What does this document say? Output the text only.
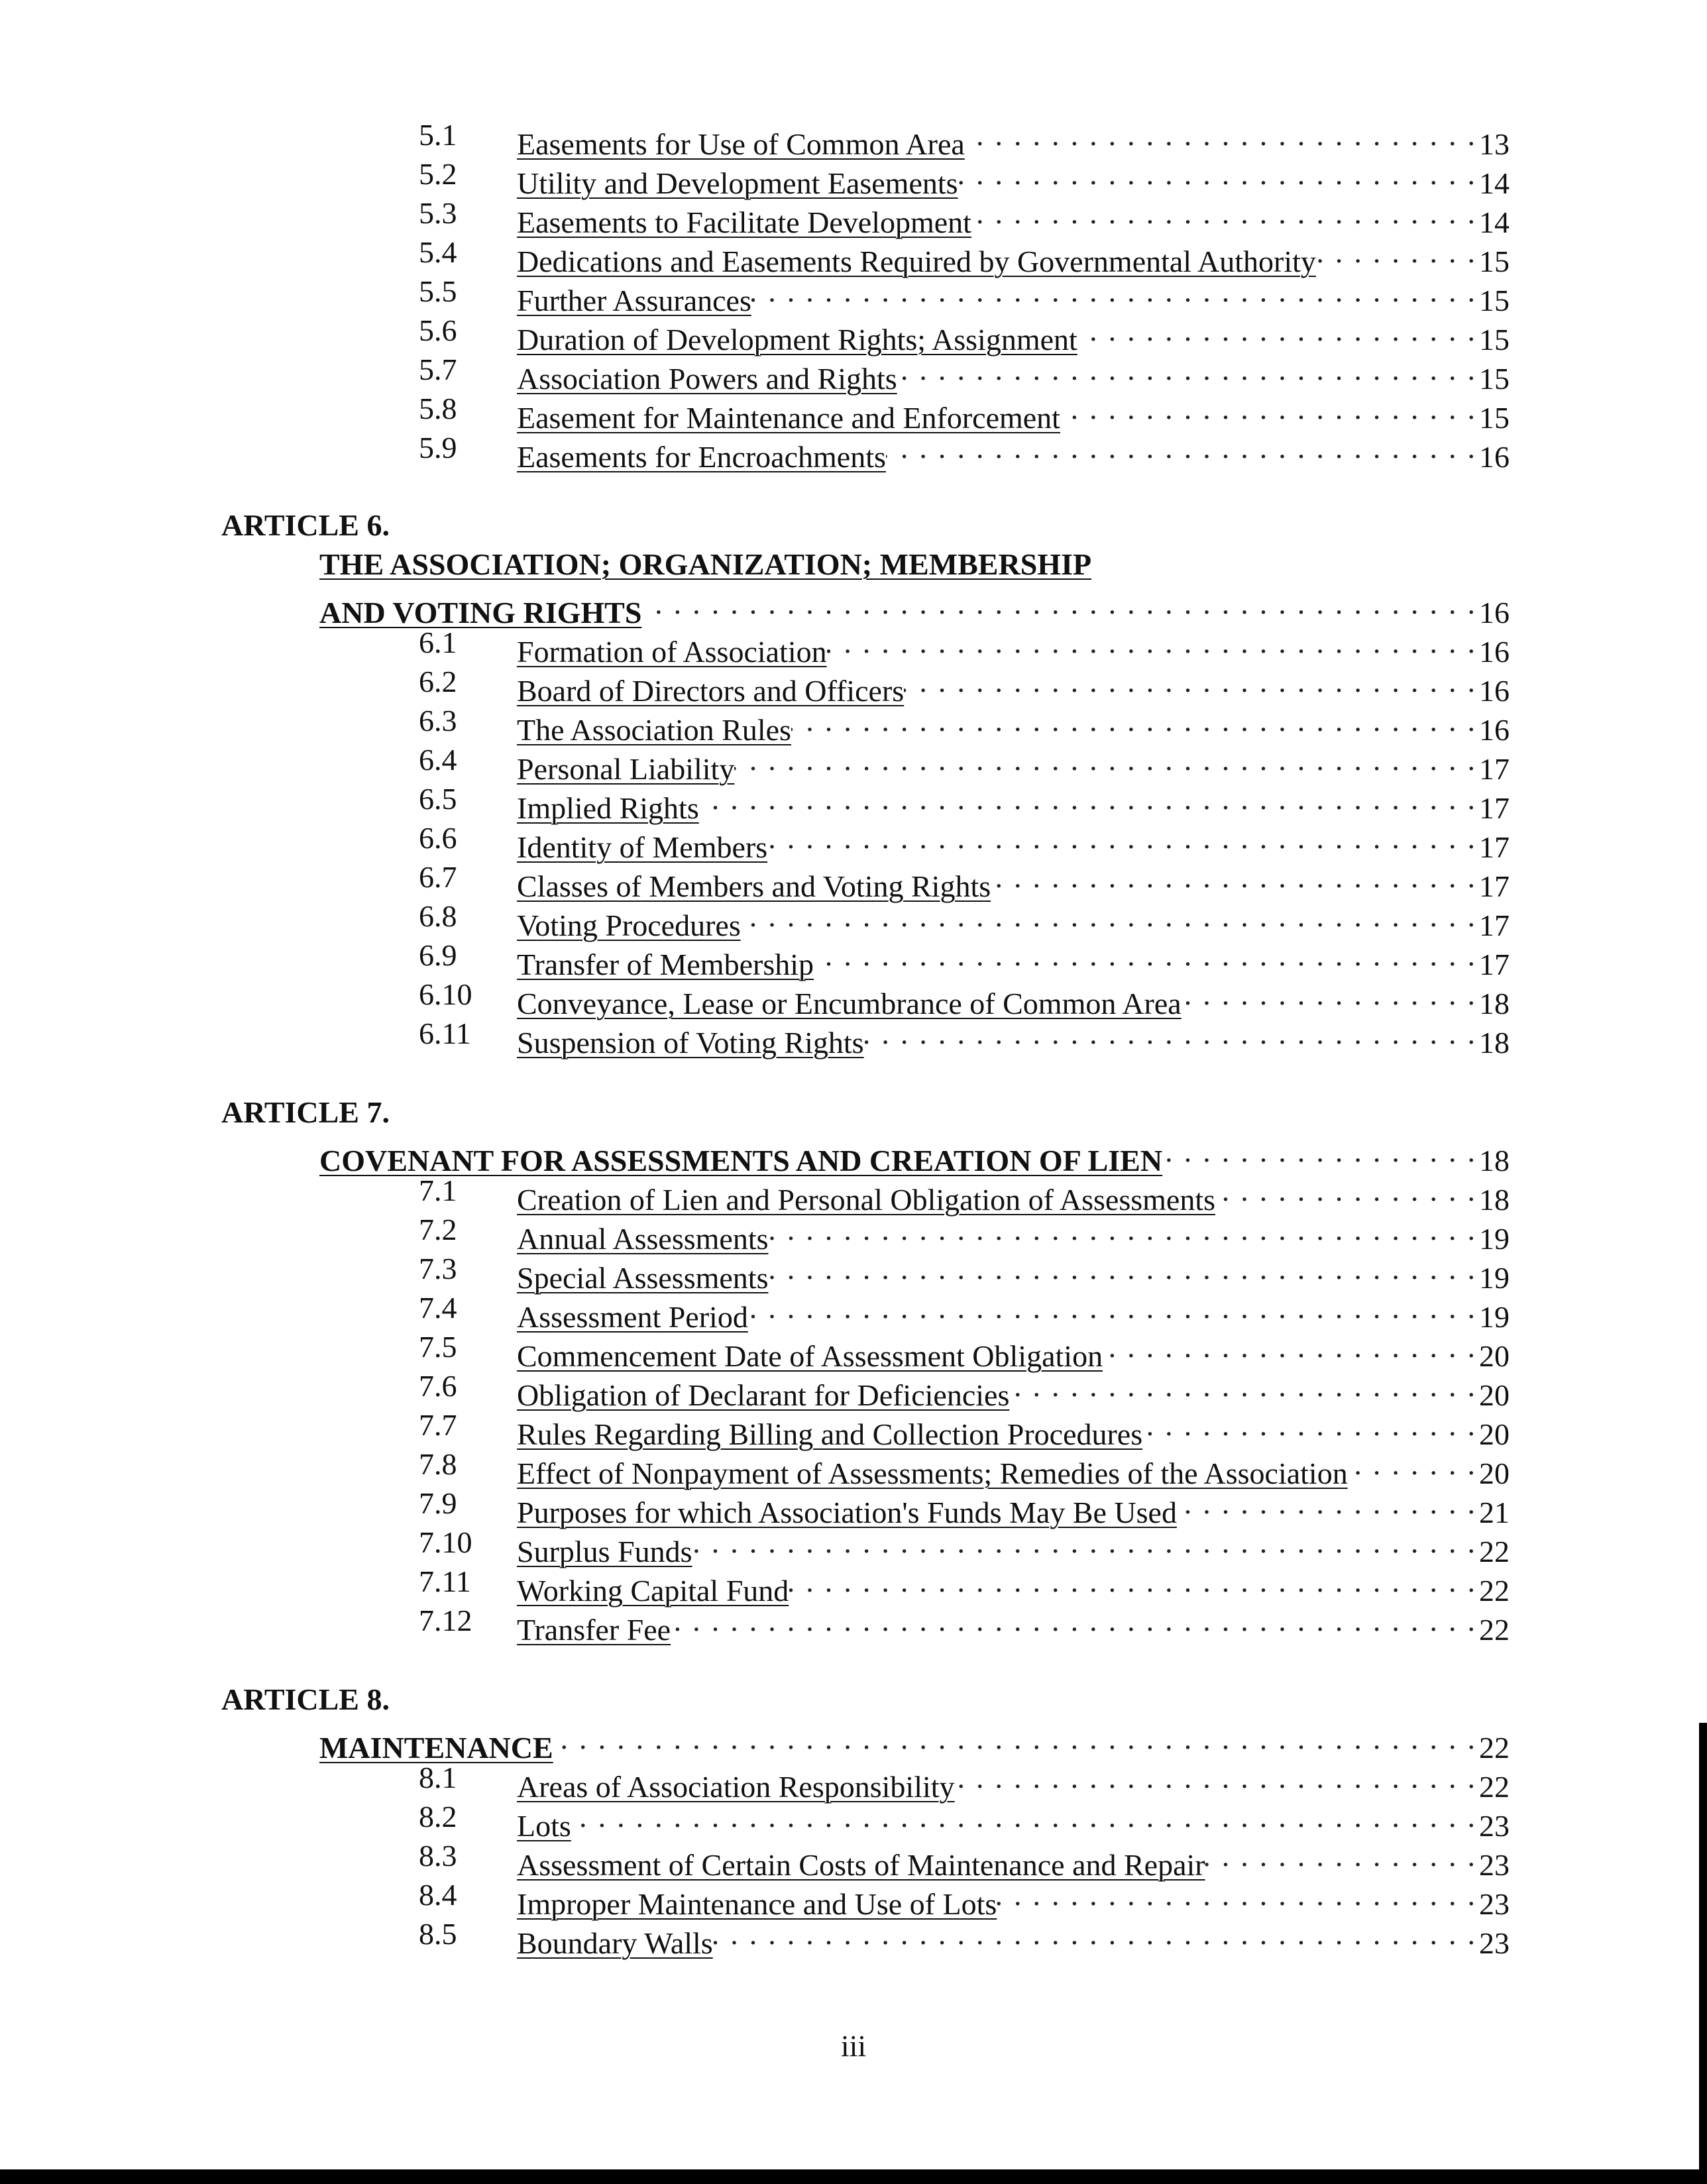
5.1 Easements for Use of Common Area . . .	13
5.2 Utility and Development Easements . . .	14
5.3 Easements to Facilitate Development . . .	14
5.4 Dedications and Easements Required by Governmental Authority . . .	15
5.5 Further Assurances . . .	15
5.6 Duration of Development Rights; Assignment . . .	15
5.7 Association Powers and Rights . . .	15
5.8 Easement for Maintenance and Enforcement . . .	15
5.9 Easements for Encroachments . . .	16
ARTICLE 6.
THE ASSOCIATION; ORGANIZATION; MEMBERSHIP
AND VOTING RIGHTS . . .	16
6.1 Formation of Association . . .	16
6.2 Board of Directors and Officers . . .	16
6.3 The Association Rules . . .	16
6.4 Personal Liability . . .	17
6.5 Implied Rights . . .	17
6.6 Identity of Members . . .	17
6.7 Classes of Members and Voting Rights . . .	17
6.8 Voting Procedures . . .	17
6.9 Transfer of Membership . . .	17
6.10 Conveyance, Lease or Encumbrance of Common Area . . .	18
6.11 Suspension of Voting Rights . . .	18
ARTICLE 7.
COVENANT FOR ASSESSMENTS AND CREATION OF LIEN . . .	18
7.1 Creation of Lien and Personal Obligation of Assessments . . .	18
7.2 Annual Assessments . . .	19
7.3 Special Assessments . . .	19
7.4 Assessment Period . . .	19
7.5 Commencement Date of Assessment Obligation . . .	20
7.6 Obligation of Declarant for Deficiencies . . .	20
7.7 Rules Regarding Billing and Collection Procedures . . .	20
7.8 Effect of Nonpayment of Assessments; Remedies of the Association . . .	20
7.9 Purposes for which Association's Funds May Be Used . . .	21
7.10 Surplus Funds . . .	22
7.11 Working Capital Fund . . .	22
7.12 Transfer Fee . . .	22
ARTICLE 8.
MAINTENANCE . . .	22
8.1 Areas of Association Responsibility . . .	22
8.2 Lots . . .	23
8.3 Assessment of Certain Costs of Maintenance and Repair . . .	23
8.4 Improper Maintenance and Use of Lots . . .	23
8.5 Boundary Walls . . .	23
iii
